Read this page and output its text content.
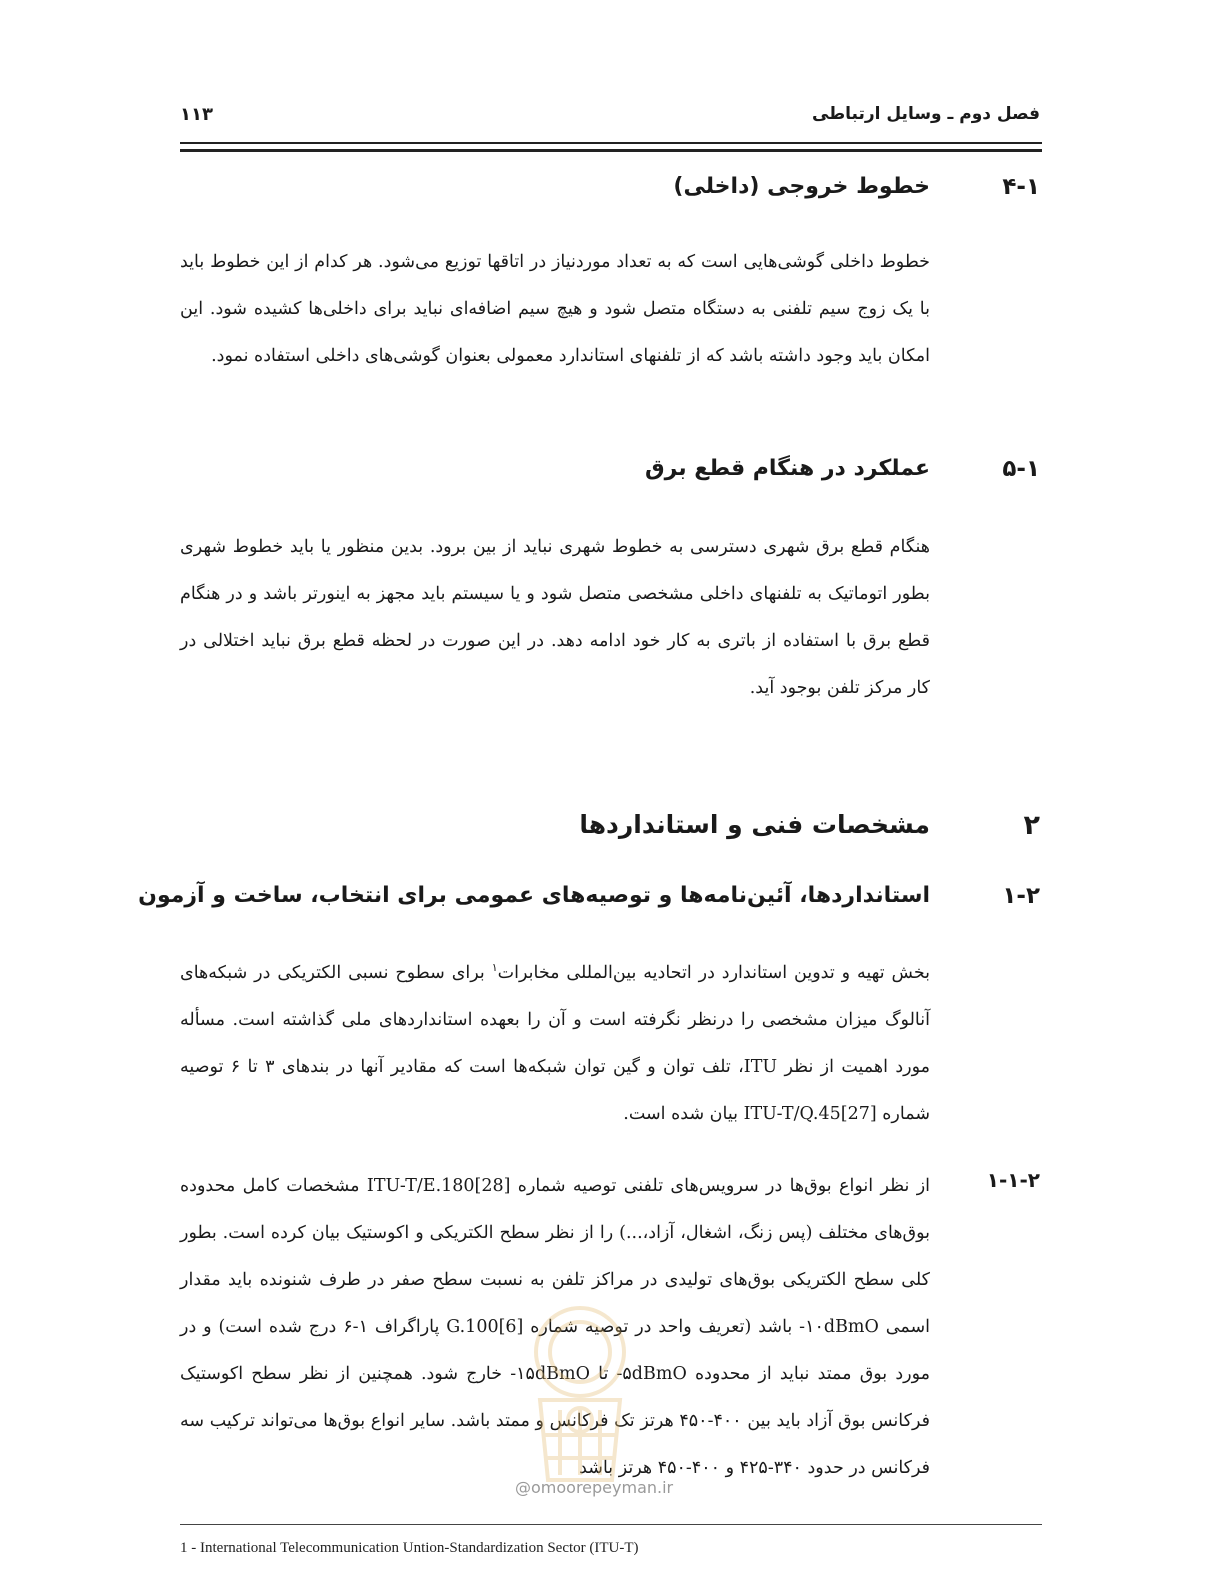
فصل دوم ـ وسایل ارتباطی
۱۱۳
۴-۱
خطوط خروجی (داخلی)

خطوط داخلی گوشی‌هایی است که به تعداد موردنیاز در اتاقها توزیع می‌شود. هر کدام از این خطوط باید با یک زوج سیم تلفنی به دستگاه متصل شود و هیچ سیم اضافه‌ای نباید برای داخلی‌ها کشیده شود. این امکان باید وجود داشته باشد که از تلفنهای استاندارد معمولی بعنوان گوشی‌های داخلی استفاده نمود.

۵-۱
عملکرد در هنگام قطع برق

هنگام قطع برق شهری دسترسی به خطوط شهری نباید از بین برود. بدین منظور یا باید خطوط شهری بطور اتوماتیک به تلفنهای داخلی مشخصی متصل شود و یا سیستم باید مجهز به اینورتر باشد و در هنگام قطع برق با استفاده از باتری به کار خود ادامه دهد. در این صورت در لحظه قطع برق نباید اختلالی در کار مرکز تلفن بوجود آید.

۲
مشخصات فنی و استانداردها
۱-۲
استانداردها، آئین‌نامه‌ها و توصیه‌های عمومی برای انتخاب، ساخت و آزمون

بخش تهیه و تدوین استاندارد در اتحادیه بین‌المللی مخابرات$^۱$ برای سطوح نسبی الکتریکی در شبکه‌های آنالوگ میزان مشخصی را درنظر نگرفته است و آن را بعهده استانداردهای ملی گذاشته است. مسأله مورد اهمیت از نظر ITU، تلف توان و گین توان شبکه‌ها است که مقادیر آنها در بندهای ۳ تا ۶ توصیه شماره ITU-T/Q.45[27] بیان شده است.

۱-۱-۲

از نظر انواع بوق‌ها در سرویس‌های تلفنی توصیه شماره ITU-T/E.180[28] مشخصات کامل محدوده بوق‌های مختلف (پس زنگ، اشغال، آزاد،...) را از نظر سطح الکتریکی و اکوستیک بیان کرده است. بطور کلی سطح الکتریکی بوق‌های تولیدی در مراکز تلفن به نسبت سطح صفر در طرف شنونده باید مقدار اسمی ‎-۱۰dBmO‎ باشد (تعریف واحد در توصیه شماره G.100[6] پاراگراف ۱-۶ درج شده است) و در مورد بوق ممتد نباید از محدوده ‎-۵dBmO‎ تا ‎-۱۵dBmO‎ خارج شود. همچنین از نظر سطح اکوستیک فرکانس بوق آزاد باید بین ۴۰۰-۴۵۰ هرتز تک فرکانس و ممتد باشد. سایر انواع بوق‌ها می‌تواند ترکیب سه فرکانس در حدود ۳۴۰-۴۲۵ و ۴۰۰-۴۵۰ هرتز باشد

@omoorepeyman.ir
1 - International Telecommunication Untion-Standardization Sector (ITU-T)
